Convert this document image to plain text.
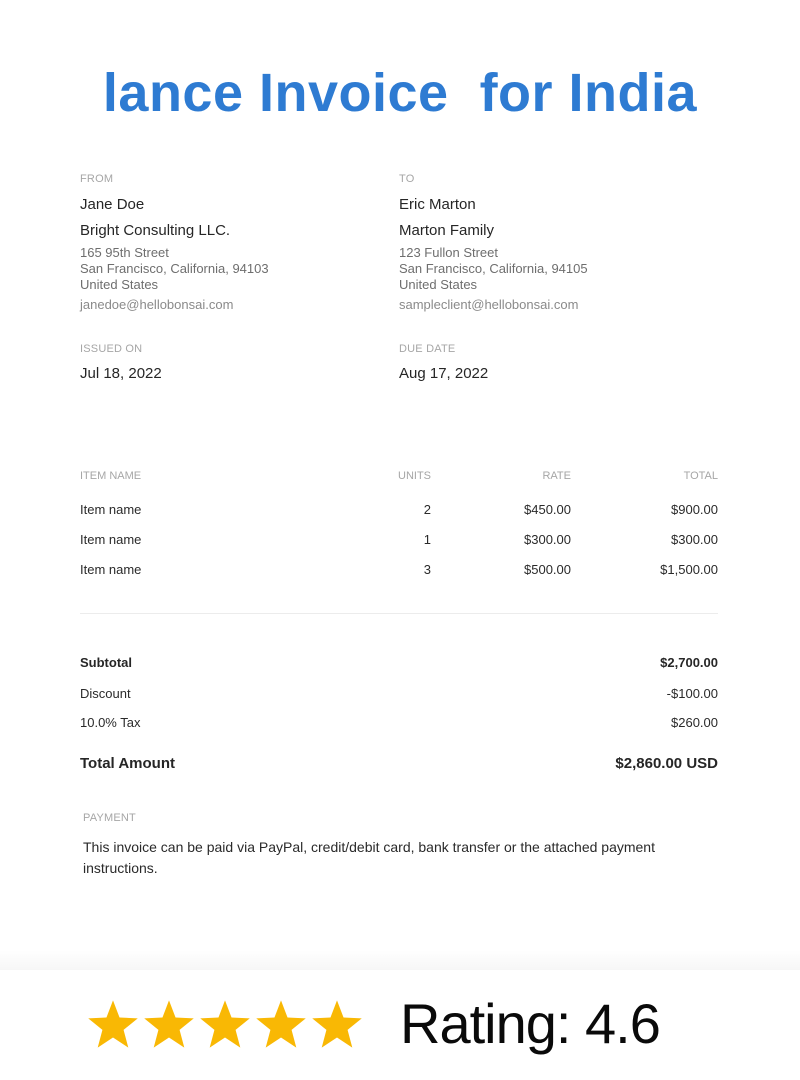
lance Invoice  for India
FROM
Jane Doe
Bright Consulting LLC.
165 95th Street
San Francisco, California, 94103
United States
janedoe@hellobonsai.com
TO
Eric Marton
Marton Family
123 Fullon Street
San Francisco, California, 94105
United States
sampleclient@hellobonsai.com
ISSUED ON
Jul 18, 2022
DUE DATE
Aug 17, 2022
ITEM NAME	UNITS	RATE	TOTAL
Item name	2	$450.00	$900.00
Item name	1	$300.00	$300.00
Item name	3	$500.00	$1,500.00
Subtotal	$2,700.00
Discount	-$100.00
10.0% Tax	$260.00
Total Amount	$2,860.00 USD
PAYMENT
This invoice can be paid via PayPal, credit/debit card, bank transfer or the attached payment instructions.
Rating: 4.6
